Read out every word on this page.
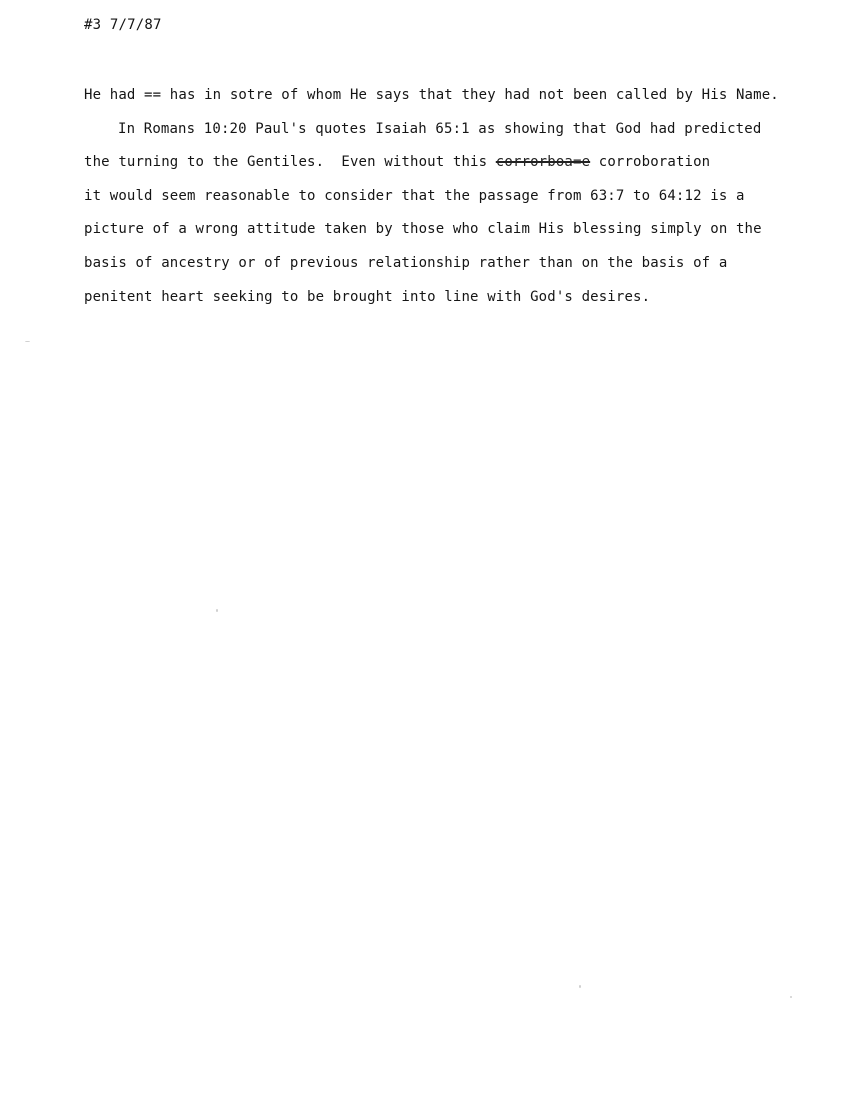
#3 7/7/87
He had == has in sotre of whom He says that they had not been called by His Name.
In Romans 10:20 Paul's quotes Isaiah 65:1 as showing that God had predicted
the turning to the Gentiles.  Even without this corrorboa=e corroboration
it would seem reasonable to consider that the passage from 63:7 to 64:12 is a
picture of a wrong attitude taken by those who claim His blessing simply on the
basis of ancestry or of previous relationship rather than on the basis of a
penitent heart seeking to be brought into line with God's desires.
